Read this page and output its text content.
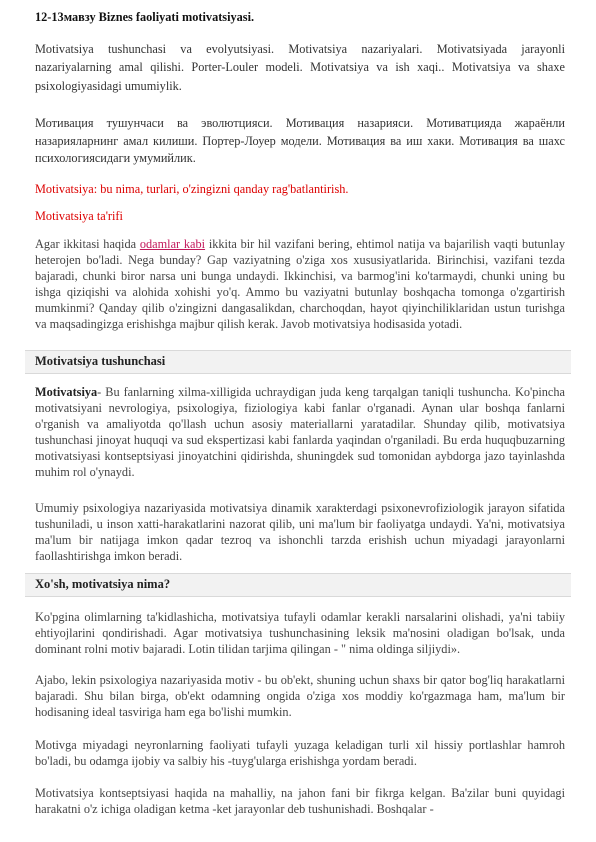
12-13мавзу Biznes faoliyati motivatsiyasi.

Motivatsiya tushunchasi va evolyutsiyasi. Motivatsiya nazariyalari. Motivatsiyada jarayonli nazariyalarning amal qilishi. Porter-Louler modeli. Motivatsiya va ish xaqi.. Motivatsiya va shaxe psixologiyasidagi umumiylik.

Мотивация тушунчаси ва эволютцияси. Мотивация назарияси. Мотиватцияда жараёнли назарияларнинг амал килиши. Портер-Лоуер модели. Мотивация ва иш хаки. Мотивация ва шахс психологиясидаги умумийлик.

Motivatsiya: bu nima, turlari, o'zingizni qanday rag'batlantirish.

Motivatsiya ta'rifi

Agar ikkitasi haqida odamlar kabi ikkita bir hil vazifani bering, ehtimol natija va bajarilish vaqti butunlay heterojen bo'ladi. Nega bunday? Gap vaziyatning o'ziga xos xususiyatlarida. Birinchisi, vazifani tezda bajaradi, chunki biror narsa uni bunga undaydi. Ikkinchisi, va barmog'ini ko'tarmaydi, chunki uning bu ishga qiziqishi va alohida xohishi yo'q. Ammo bu vaziyatni butunlay boshqacha tomonga o'zgartirish mumkinmi? Qanday qilib o'zingizni dangasalikdan, charchoqdan, hayot qiyinchiliklaridan ustun turishga va maqsadingizga erishishga majbur qilish kerak. Javob motivatsiya hodisasida yotadi.

Motivatsiya tushunchasi

Motivatsiya- Bu fanlarning xilma-xilligida uchraydigan juda keng tarqalgan taniqli tushuncha. Ko'pincha motivatsiyani nevrologiya, psixologiya, fiziologiya kabi fanlar o'rganadi. Aynan ular boshqa fanlarni o'rganish va amaliyotda qo'llash uchun asosiy materiallarni yaratadilar. Shunday qilib, motivatsiya tushunchasi jinoyat huquqi va sud ekspertizasi kabi fanlarda yaqindan o'rganiladi. Bu erda huquqbuzarning motivatsiyasi kontseptsiyasi jinoyatchini qidirishda, shuningdek sud tomonidan aybdorga jazo tayinlashda muhim rol o'ynaydi.

Umumiy psixologiya nazariyasida motivatsiya dinamik xarakterdagi psixonevrofiziologik jarayon sifatida tushuniladi, u inson xatti-harakatlarini nazorat qilib, uni ma'lum bir faoliyatga undaydi. Ya'ni, motivatsiya ma'lum bir natijaga imkon qadar tezroq va ishonchli tarzda erishish uchun miyadagi jarayonlarni faollashtirishga imkon beradi.

Xo'sh, motivatsiya nima?

Ko'pgina olimlarning ta'kidlashicha, motivatsiya tufayli odamlar kerakli narsalarini olishadi, ya'ni tabiiy ehtiyojlarini qondirishadi. Agar motivatsiya tushunchasining leksik ma'nosini oladigan bo'lsak, unda dominant rolni motiv bajaradi. Lotin tilidan tarjima qilingan - " nima oldinga siljiydi».

Ajabo, lekin psixologiya nazariyasida motiv - bu ob'ekt, shuning uchun shaxs bir qator bog'liq harakatlarni bajaradi. Shu bilan birga, ob'ekt odamning ongida o'ziga xos moddiy ko'rgazmaga ham, ma'lum bir hodisaning ideal tasviriga ham ega bo'lishi mumkin.

Motivga miyadagi neyronlarning faoliyati tufayli yuzaga keladigan turli xil hissiy portlashlar hamroh bo'ladi, bu odamga ijobiy va salbiy his -tuyg'ularga erishishga yordam beradi.

Motivatsiya kontseptsiyasi haqida na mahalliy, na jahon fani bir fikrga kelgan. Ba'zilar buni quyidagi harakatni o'z ichiga oladigan ketma -ket jarayonlar deb tushunishadi. Boshqalar -
